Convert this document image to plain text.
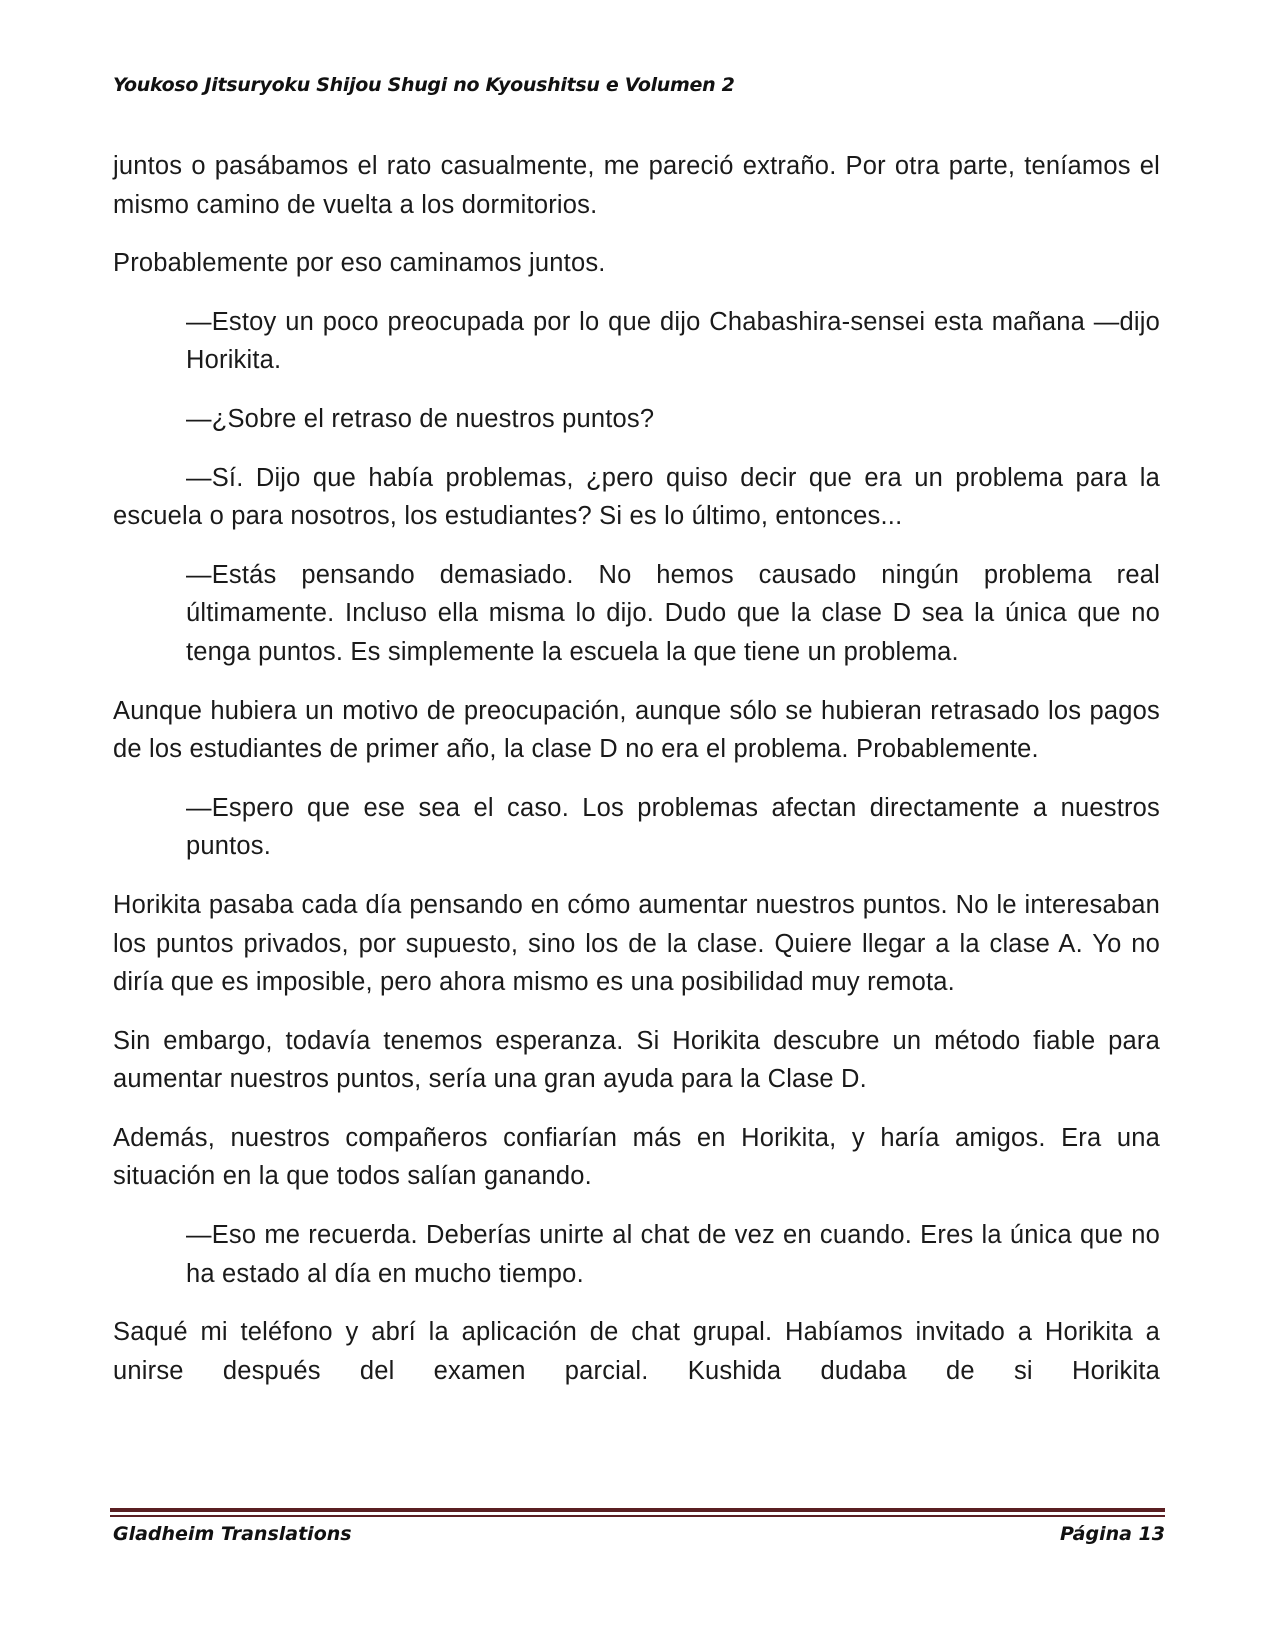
Youkoso Jitsuryoku Shijou Shugi no Kyoushitsu e Volumen 2

juntos o pasábamos el rato casualmente, me pareció extraño. Por otra parte, teníamos el mismo camino de vuelta a los dormitorios.

Probablemente por eso caminamos juntos.

—Estoy un poco preocupada por lo que dijo Chabashira-sensei esta mañana —dijo Horikita.

—¿Sobre el retraso de nuestros puntos?

—Sí. Dijo que había problemas, ¿pero quiso decir que era un problema para la escuela o para nosotros, los estudiantes? Si es lo último, entonces...

—Estás pensando demasiado. No hemos causado ningún problema real últimamente. Incluso ella misma lo dijo. Dudo que la clase D sea la única que no tenga puntos. Es simplemente la escuela la que tiene un problema.

Aunque hubiera un motivo de preocupación, aunque sólo se hubieran retrasado los pagos de los estudiantes de primer año, la clase D no era el problema. Probablemente.

—Espero que ese sea el caso. Los problemas afectan directamente a nuestros puntos.

Horikita pasaba cada día pensando en cómo aumentar nuestros puntos. No le interesaban los puntos privados, por supuesto, sino los de la clase. Quiere llegar a la clase A. Yo no diría que es imposible, pero ahora mismo es una posibilidad muy remota.

Sin embargo, todavía tenemos esperanza. Si Horikita descubre un método fiable para aumentar nuestros puntos, sería una gran ayuda para la Clase D.

Además, nuestros compañeros confiarían más en Horikita, y haría amigos. Era una situación en la que todos salían ganando.

—Eso me recuerda. Deberías unirte al chat de vez en cuando. Eres la única que no ha estado al día en mucho tiempo.

Saqué mi teléfono y abrí la aplicación de chat grupal. Habíamos invitado a Horikita a unirse después del examen parcial. Kushida dudaba de si Horikita

Gladheim Translations	Página 13
